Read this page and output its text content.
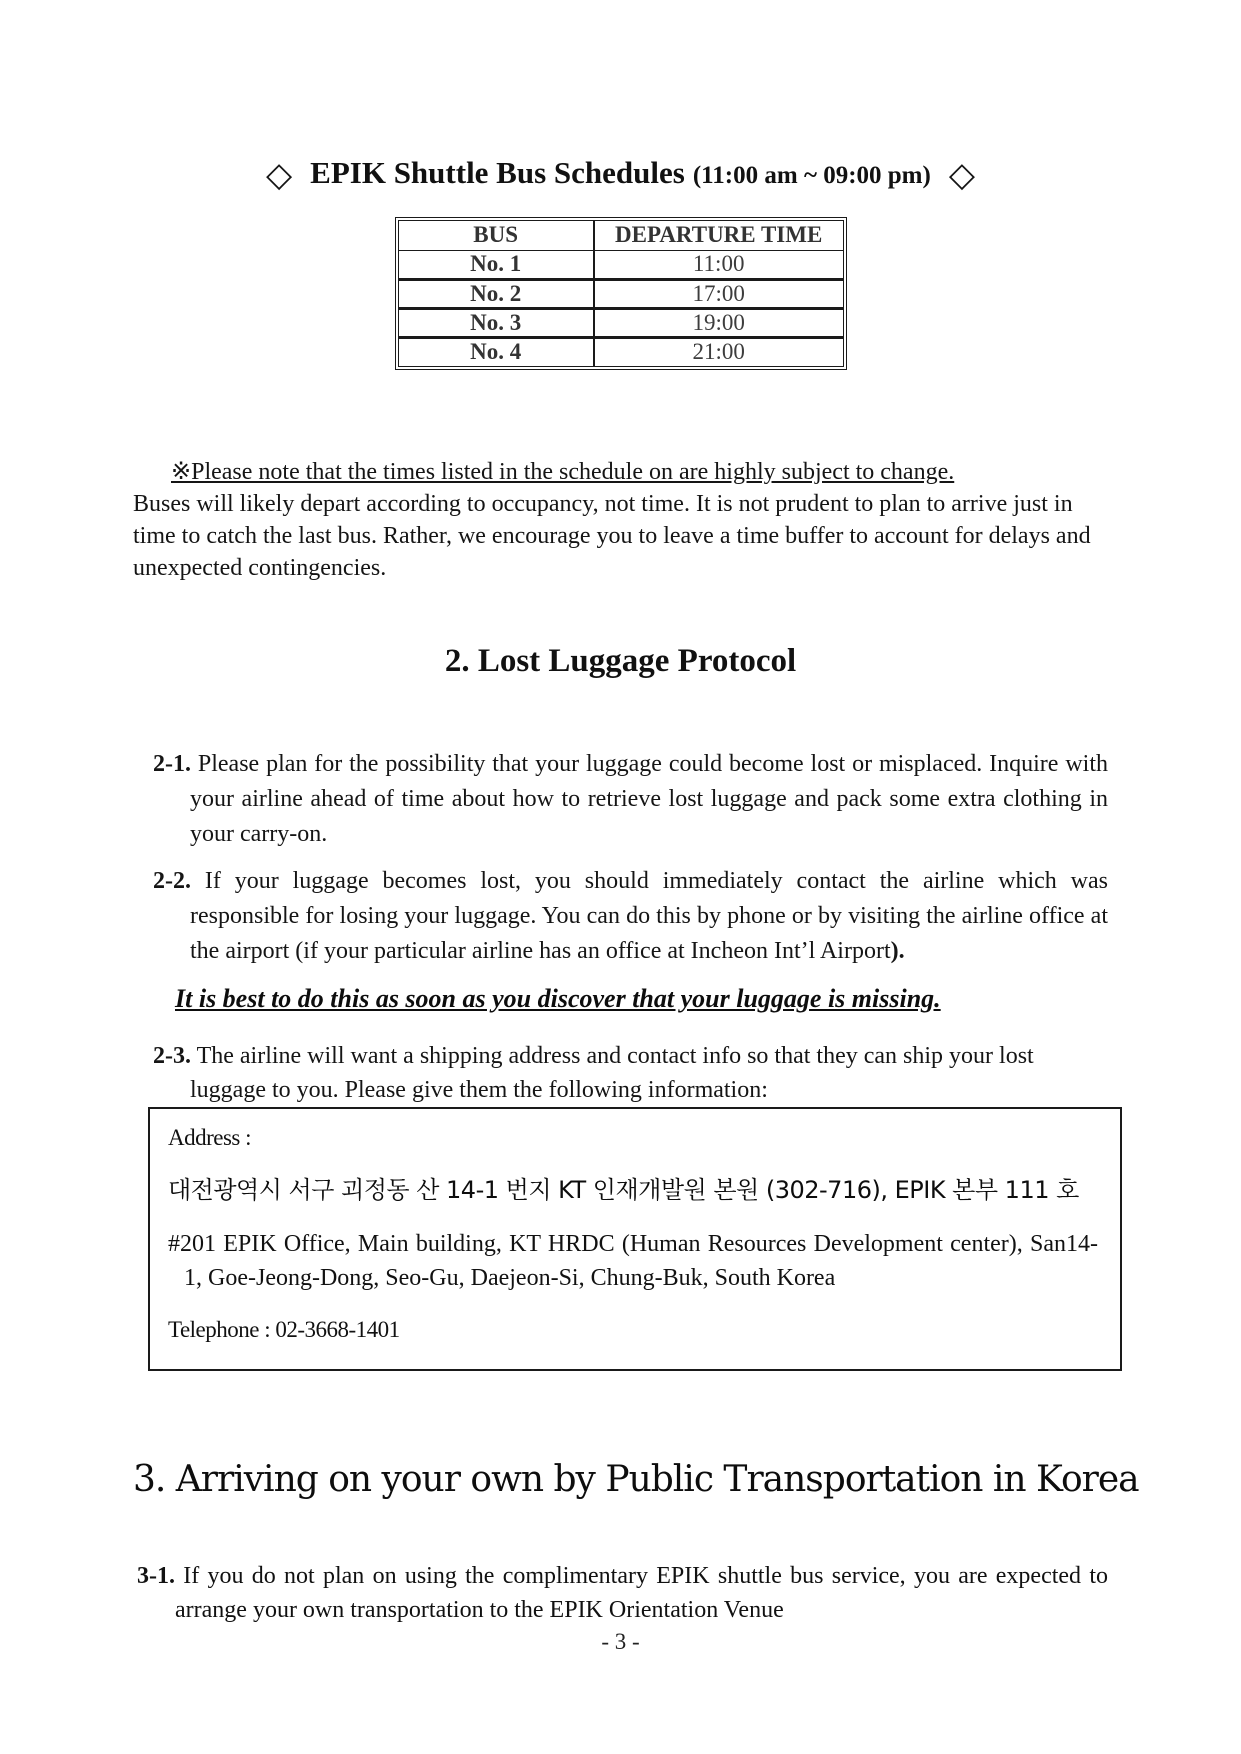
◇ EPIK Shuttle Bus Schedules (11:00 am ~ 09:00 pm) ◇
BUS	DEPARTURE TIME
No. 1	11:00
No. 2	17:00
No. 3	19:00
No. 4	21:00

※Please note that the times listed in the schedule on are highly subject to change.
Buses will likely depart according to occupancy, not time. It is not prudent to plan to arrive just in time to catch the last bus. Rather, we encourage you to leave a time buffer to account for delays and unexpected contingencies.

2. Lost Luggage Protocol

2-1. Please plan for the possibility that your luggage could become lost or misplaced. Inquire with your airline ahead of time about how to retrieve lost luggage and pack some extra clothing in your carry-on.

2-2. If your luggage becomes lost, you should immediately contact the airline which was responsible for losing your luggage. You can do this by phone or by visiting the airline office at the airport (if your particular airline has an office at Incheon Int’l Airport).

It is best to do this as soon as you discover that your luggage is missing.

2-3. The airline will want a shipping address and contact info so that they can ship your lost luggage to you. Please give them the following information:

Address :
대전광역시 서구 괴정동 산 14-1 번지 KT 인재개발원 본원 (302-716), EPIK 본부 111 호
#201 EPIK Office, Main building, KT HRDC (Human Resources Development center), San14-1, Goe-Jeong-Dong, Seo-Gu, Daejeon-Si, Chung-Buk, South Korea
Telephone : 02-3668-1401
3. Arriving on your own by Public Transportation in Korea

3-1. If you do not plan on using the complimentary EPIK shuttle bus service, you are expected to arrange your own transportation to the EPIK Orientation Venue

- 3 -
